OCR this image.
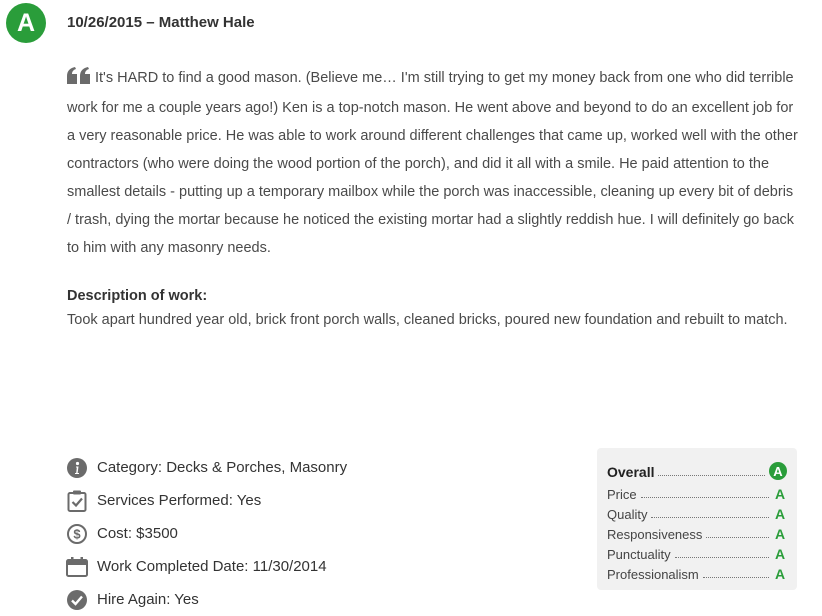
A	10/26/2015 – Matthew Hale
It's HARD to find a good mason. (Believe me… I'm still trying to get my money back from one who did terrible work for me a couple years ago!) Ken is a top-notch mason. He went above and beyond to do an excellent job for a very reasonable price. He was able to work around different challenges that came up, worked well with the other contractors (who were doing the wood portion of the porch), and did it all with a smile. He paid attention to the smallest details - putting up a temporary mailbox while the porch was inaccessible, cleaning up every bit of debris / trash, dying the mortar because he noticed the existing mortar had a slightly reddish hue. I will definitely go back to him with any masonry needs.
Description of work:
Took apart hundred year old, brick front porch walls, cleaned bricks, poured new foundation and rebuilt to match.
Category: Decks & Porches, Masonry
Services Performed: Yes
$ Cost: $3500
Work Completed Date: 11/30/2014
Hire Again: Yes
Overall	A
Price	A
Quality	A
Responsiveness	A
Punctuality	A
Professionalism	A
